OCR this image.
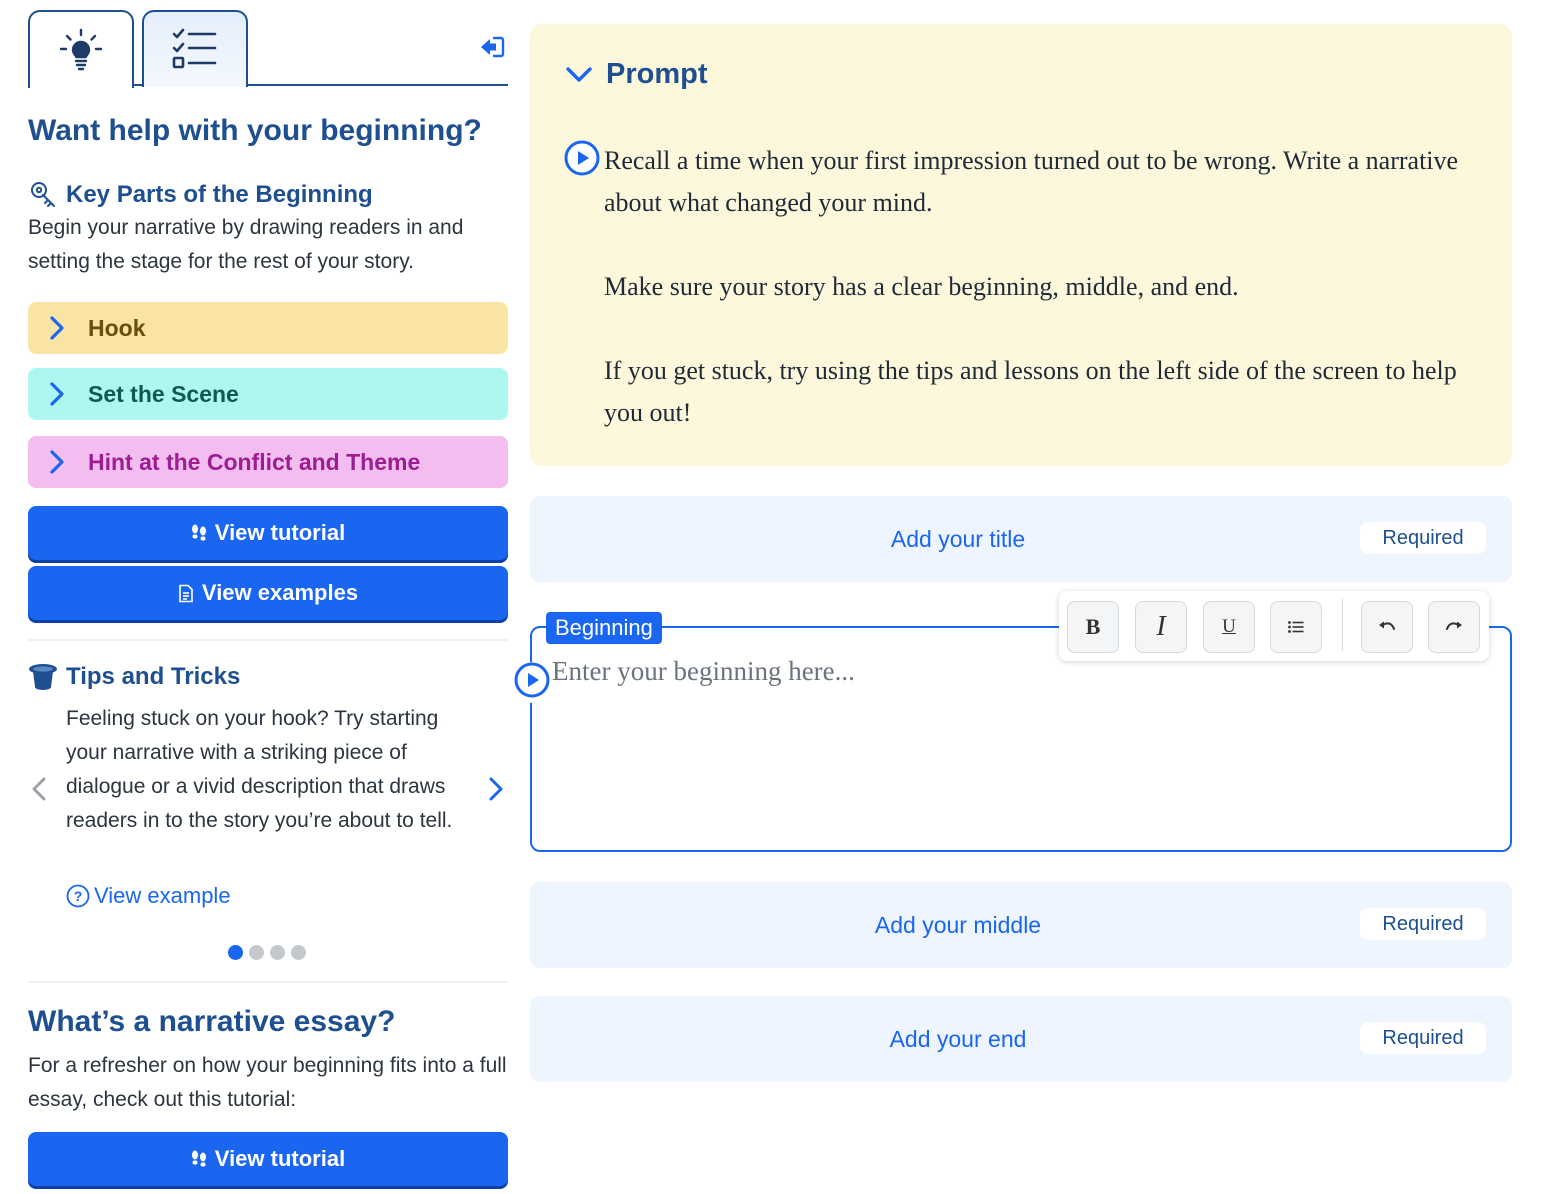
Want help with your beginning?
Key Parts of the Beginning
Begin your narrative by drawing readers in and setting the stage for the rest of your story.
Hook
Set the Scene
Hint at the Conflict and Theme
View tutorial
View examples
Tips and Tricks
Feeling stuck on your hook? Try starting your narrative with a striking piece of dialogue or a vivid description that draws readers in to the story you’re about to tell.
? View example
What’s a narrative essay?
For a refresher on how your beginning fits into a full essay, check out this tutorial:
View tutorial
Prompt

Recall a time when your first impression turned out to be wrong. Write a narrative about what changed your mind.

Make sure your story has a clear beginning, middle, and end.

If you get stuck, try using the tips and lessons on the left side of the screen to help you out!

Add your title	Required
Beginning
Enter your beginning here...	B	I	U
Add your middle	Required
Add your end	Required
